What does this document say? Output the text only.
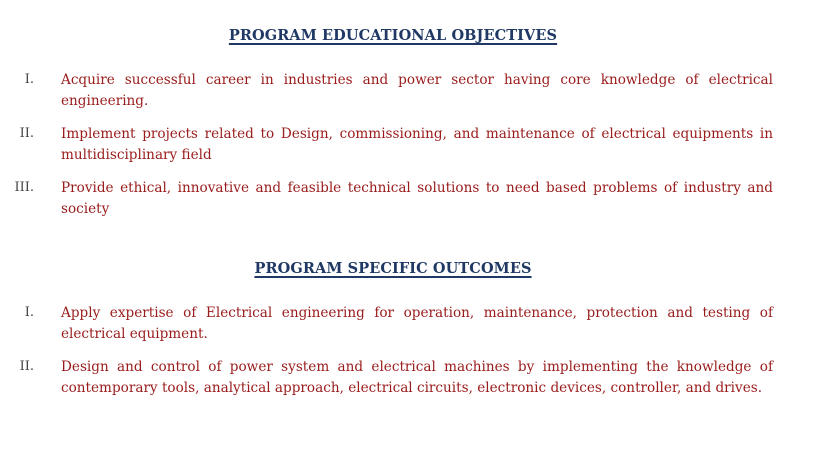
PROGRAM EDUCATIONAL OBJECTIVES
I. Acquire successful career in industries and power sector having core knowledge of electrical engineering.

II. Implement projects related to Design, commissioning, and maintenance of electrical equipments in multidisciplinary field

III. Provide ethical, innovative and feasible technical solutions to need based problems of industry and society

PROGRAM SPECIFIC OUTCOMES
I. Apply expertise of Electrical engineering for operation, maintenance, protection and testing of electrical equipment.

II. Design and control of power system and electrical machines by implementing the knowledge of contemporary tools, analytical approach, electrical circuits, electronic devices, controller, and drives.
